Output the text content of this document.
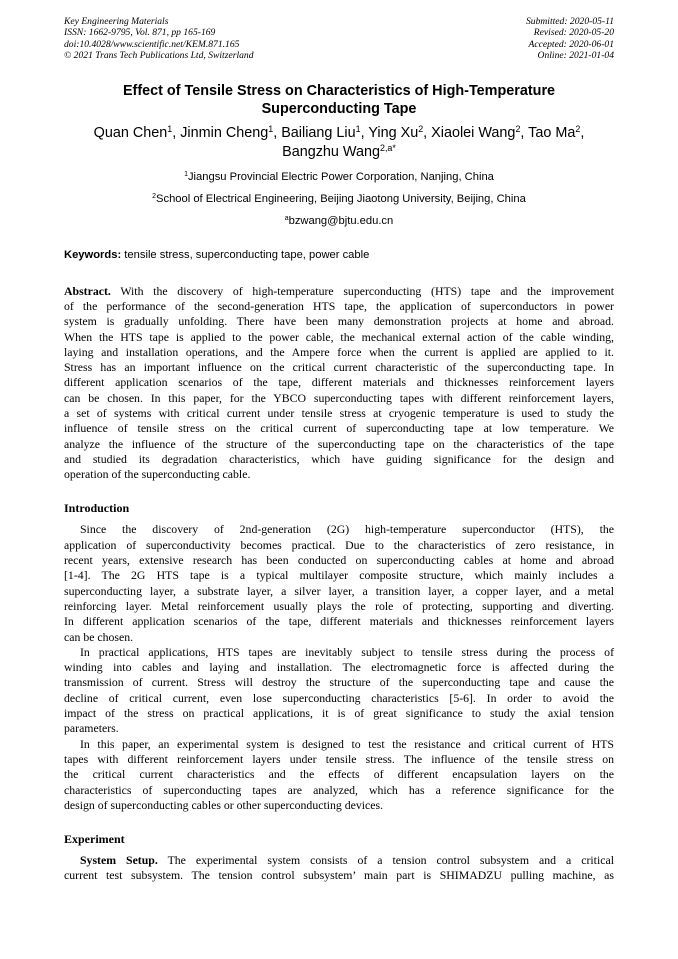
Key Engineering Materials
ISSN: 1662-9795, Vol. 871, pp 165-169
doi:10.4028/www.scientific.net/KEM.871.165
© 2021 Trans Tech Publications Ltd, Switzerland
Submitted: 2020-05-11
Revised: 2020-05-20
Accepted: 2020-06-01
Online: 2021-01-04
Effect of Tensile Stress on Characteristics of High-Temperature
Superconducting Tape
Quan Chen$^1$, Jinmin Cheng$^1$, Bailiang Liu$^1$, Ying Xu$^2$, Xiaolei Wang$^2$, Tao Ma$^2$,
Bangzhu Wang$^{2,a*}$
$^1$Jiangsu Provincial Electric Power Corporation, Nanjing, China
$^2$School of Electrical Engineering, Beijing Jiaotong University, Beijing, China
$^a$bzwang@bjtu.edu.cn
Keywords: tensile stress, superconducting tape, power cable
Abstract. With the discovery of high-temperature superconducting (HTS) tape and the improvement
of the performance of the second-generation HTS tape, the application of superconductors in power
system is gradually unfolding. There have been many demonstration projects at home and abroad.
When the HTS tape is applied to the power cable, the mechanical external action of the cable winding,
laying and installation operations, and the Ampere force when the current is applied are applied to it.
Stress has an important influence on the critical current characteristic of the superconducting tape. In
different application scenarios of the tape, different materials and thicknesses reinforcement layers
can be chosen. In this paper, for the YBCO superconducting tapes with different reinforcement layers,
a set of systems with critical current under tensile stress at cryogenic temperature is used to study the
influence of tensile stress on the critical current of superconducting tape at low temperature. We
analyze the influence of the structure of the superconducting tape on the characteristics of the tape
and studied its degradation characteristics, which have guiding significance for the design and
operation of the superconducting cable.
Introduction
Since the discovery of 2nd-generation (2G) high-temperature superconductor (HTS), the
application of superconductivity becomes practical. Due to the characteristics of zero resistance, in
recent years, extensive research has been conducted on superconducting cables at home and abroad
[1-4]. The 2G HTS tape is a typical multilayer composite structure, which mainly includes a
superconducting layer, a substrate layer, a silver layer, a transition layer, a copper layer, and a metal
reinforcing layer. Metal reinforcement usually plays the role of protecting, supporting and diverting.
In different application scenarios of the tape, different materials and thicknesses reinforcement layers
can be chosen.
In practical applications, HTS tapes are inevitably subject to tensile stress during the process of
winding into cables and laying and installation. The electromagnetic force is affected during the
transmission of current. Stress will destroy the structure of the superconducting tape and cause the
decline of critical current, even lose superconducting characteristics [5-6]. In order to avoid the
impact of the stress on practical applications, it is of great significance to study the axial tension
parameters.
In this paper, an experimental system is designed to test the resistance and critical current of HTS
tapes with different reinforcement layers under tensile stress. The influence of the tensile stress on
the critical current characteristics and the effects of different encapsulation layers on the
characteristics of superconducting tapes are analyzed, which has a reference significance for the
design of superconducting cables or other superconducting devices.
Experiment
System Setup. The experimental system consists of a tension control subsystem and a critical
current test subsystem. The tension control subsystem’ main part is SHIMADZU pulling machine, as
